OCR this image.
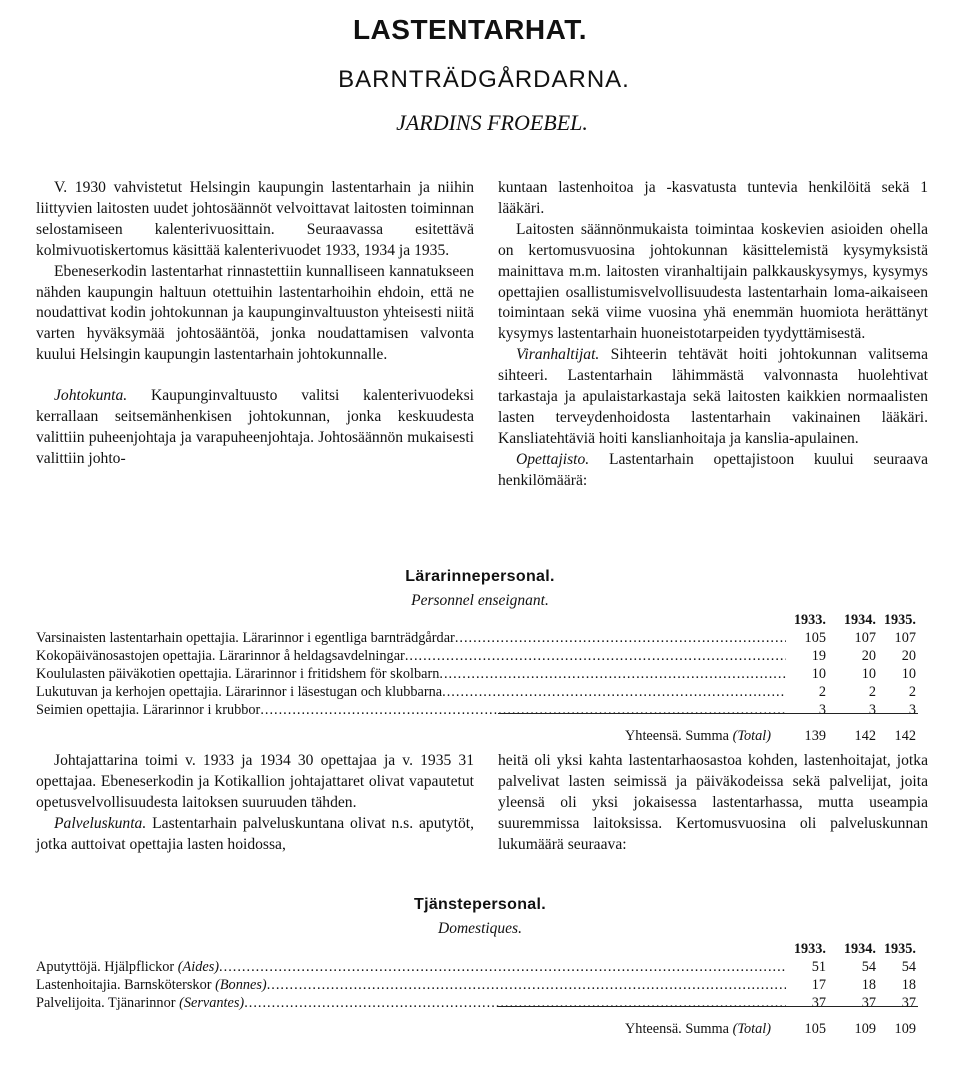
LASTENTARHAT.
BARNTRÄDGÅRDARNA.
JARDINS FROEBEL.

V. 1930 vahvistetut Helsingin kaupungin lastentarhain ja niihin liittyvien laitosten uudet johtosäännöt velvoittavat laitosten toiminnan selostamiseen kalenterivuosittain. Seuraavassa esitettävä kolmivuotiskertomus käsittää kalenterivuodet 1933, 1934 ja 1935.

Ebeneserkodin lastentarhat rinnastettiin kunnalliseen kannatukseen nähden kaupungin haltuun otettuihin lastentarhoihin ehdoin, että ne noudattivat kodin johtokunnan ja kaupunginvaltuuston yhteisesti niitä varten hyväksymää johtosääntöä, jonka noudattamisen valvonta kuului Helsingin kaupungin lastentarhain johtokunnalle.

Johtokunta. Kaupunginvaltuusto valitsi kalenterivuodeksi kerrallaan seitsemänhenkisen johtokunnan, jonka keskuudesta valittiin puheenjohtaja ja varapuheenjohtaja. Johtosäännön mukaisesti valittiin johto-

kuntaan lastenhoitoa ja -kasvatusta tuntevia henkilöitä sekä 1 lääkäri.

Laitosten säännönmukaista toimintaa koskevien asioiden ohella on kertomusvuosina johtokunnan käsittelemistä kysymyksistä mainittava m.m. laitosten viranhaltijain palkkauskysymys, kysymys opettajien osallistumisvelvollisuudesta lastentarhain loma-aikaiseen toimintaan sekä viime vuosina yhä enemmän huomiota herättänyt kysymys lastentarhain huoneistotarpeiden tyydyttämisestä.

Viranhaltijat. Sihteerin tehtävät hoiti johtokunnan valitsema sihteeri. Lastentarhain lähimmästä valvonnasta huolehtivat tarkastaja ja apulaistarkastaja sekä laitosten kaikkien normaalisten lasten terveydenhoidosta lastentarhain vakinainen lääkäri. Kansliatehtäviä hoiti kanslianhoitaja ja kanslia-apulainen.

Opettajisto. Lastentarhain opettajistoon kuului seuraava henkilömäärä:

Lärarinnepersonal.
Personnel enseignant.
1933.	1934. 1935.
Varsinaisten lastentarhain opettajia. Lärarinnor i egentliga barnträdgårdar .....	105	107	107
Kokopäivänosastojen opettajia. Lärarinnor å heldagsavdelningar .....	19	20	20
Koululasten päiväkotien opettajia. Lärarinnor i fritidshem för skolbarn .....	10	10	10
Lukutuvan ja kerhojen opettajia. Lärarinnor i läsestugan och klubbarna .....	2	2	2
Seimien opettajia. Lärarinnor i krubbor .....	3	3	3
Yhteensä. Summa (Total)	139	142	142

Johtajattarina toimi v. 1933 ja 1934 30 opettajaa ja v. 1935 31 opettajaa. Ebeneserkodin ja Kotikallion johtajattaret olivat vapautetut opetusvelvollisuudesta laitoksen suuruuden tähden.

Palveluskunta. Lastentarhain palveluskuntana olivat n.s. aputytöt, jotka auttoivat opettajia lasten hoidossa,

heitä oli yksi kahta lastentarhaosastoa kohden, lastenhoitajat, jotka palvelivat lasten seimissä ja päiväkodeissa sekä palvelijat, joita yleensä oli yksi jokaisessa lastentarhassa, mutta useampia suuremmissa laitoksissa. Kertomusvuosina oli palveluskunnan lukumäärä seuraava:

Tjänstepersonal.
Domestiques.
1933.	1934. 1935.
Aputyttöjä. Hjälpflickor (Aides) .....	51	54	54
Lastenhoitajia. Barnsköterskor (Bonnes) .....	17	18	18
Palvelijoita. Tjänarinnor (Servantes) .....	37	37	37
Yhteensä. Summa (Total)	105	109	109
